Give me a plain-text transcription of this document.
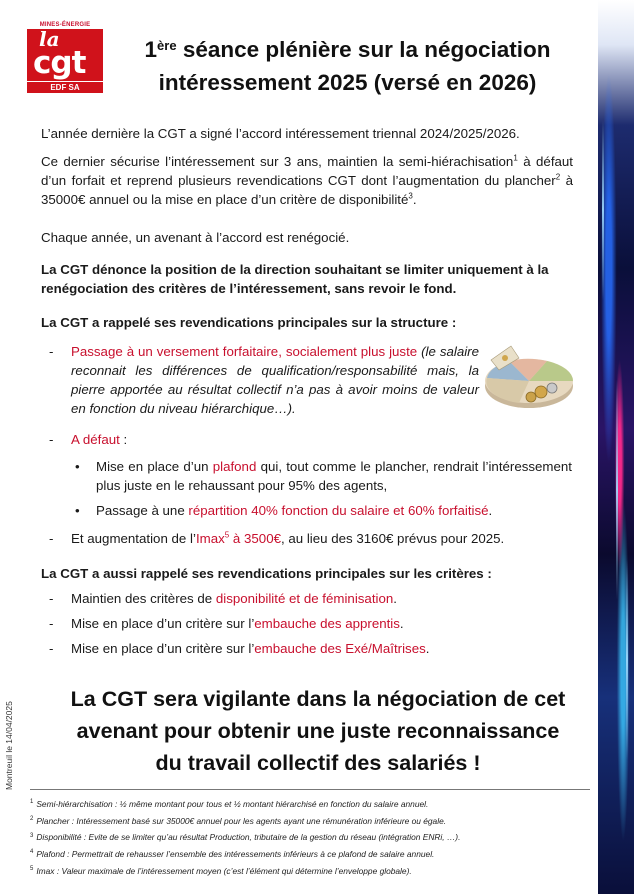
MINES-ÉNERGIE
la
cgt
EDF SA
1ère séance plénière sur la négociation
intéressement 2025 (versé en 2026)

L’année dernière la CGT a signé l’accord intéressement triennal 2024/2025/2026.

Ce dernier sécurise l’intéressement sur 3 ans, maintien la semi-hiérachisation$^1$ à défaut d’un forfait et reprend plusieurs revendications CGT dont l’augmentation du plancher$^2$ à 35000€ annuel ou la mise en place d’un critère de disponibilité$^3$.

Chaque année, un avenant à l’accord est renégocié.

La CGT dénonce la position de la direction souhaitant se limiter uniquement à la renégociation des critères de l’intéressement, sans revoir le fond.

La CGT a rappelé ses revendications principales sur la structure :

- Passage à un versement forfaitaire, socialement plus juste (le salaire reconnait les différences de qualification/responsabilité mais, la pierre apportée au résultat collectif n’a pas à avoir moins de valeur en fonction du niveau hiérarchique…).

- A défaut :

• Mise en place d’un plafond qui, tout comme le plancher, rendrait l’intéressement plus juste en le rehaussant pour 95% des agents,

• Passage à une répartition 40% fonction du salaire et 60% forfaitisé.

- Et augmentation de l’Imax$^5$ à 3500€, au lieu des 3160€ prévus pour 2025.

La CGT a aussi rappelé ses revendications principales sur les critères :

- Maintien des critères de disponibilité et de féminisation.

- Mise en place d’un critère sur l’embauche des apprentis.

- Mise en place d’un critère sur l’embauche des Exé/Maîtrises.

La CGT sera vigilante dans la négociation de cet
avenant pour obtenir une juste reconnaissance
du travail collectif des salariés !
Montreuil le 14/04/2025
$^1$ Semi-hiérarchisation : ½ même montant pour tous et ½ montant hiérarchisé en fonction du salaire annuel.
$^2$ Plancher : Intéressement basé sur 35000€ annuel pour les agents ayant une rémunération inférieure ou égale.
$^3$ Disponibilité : Evite de se limiter qu’au résultat Production, tributaire de la gestion du réseau (intégration ENRi, …).
$^4$ Plafond : Permettrait de rehausser l’ensemble des intéressements inférieurs à ce plafond de salaire annuel.
$^5$ Imax : Valeur maximale de l’intéressement moyen (c’est l’élément qui détermine l’enveloppe globale).
